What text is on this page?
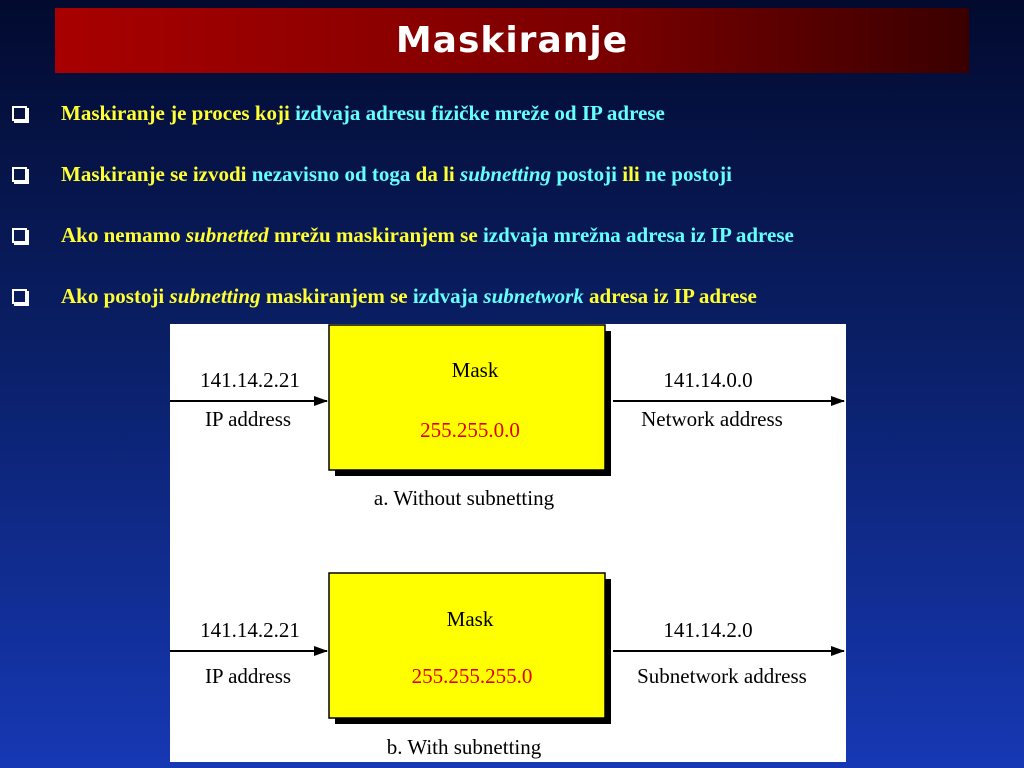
Maskiranje
Maskiranje je proces koji izdvaja adresu fizičke mreže od IP adrese
Maskiranje se izvodi nezavisno od toga da li subnetting postoji ili ne postoji
Ako nemamo subnetted mrežu maskiranjem se izdvaja mrežna adresa iz IP adrese
Ako postoji subnetting maskiranjem se izdvaja subnetwork adresa iz IP adrese
141.14.2.21
IP address
Mask
255.255.0.0
141.14.0.0
Network address
a. Without subnetting
141.14.2.21
IP address
Mask
255.255.255.0
141.14.2.0
Subnetwork address
b. With subnetting
